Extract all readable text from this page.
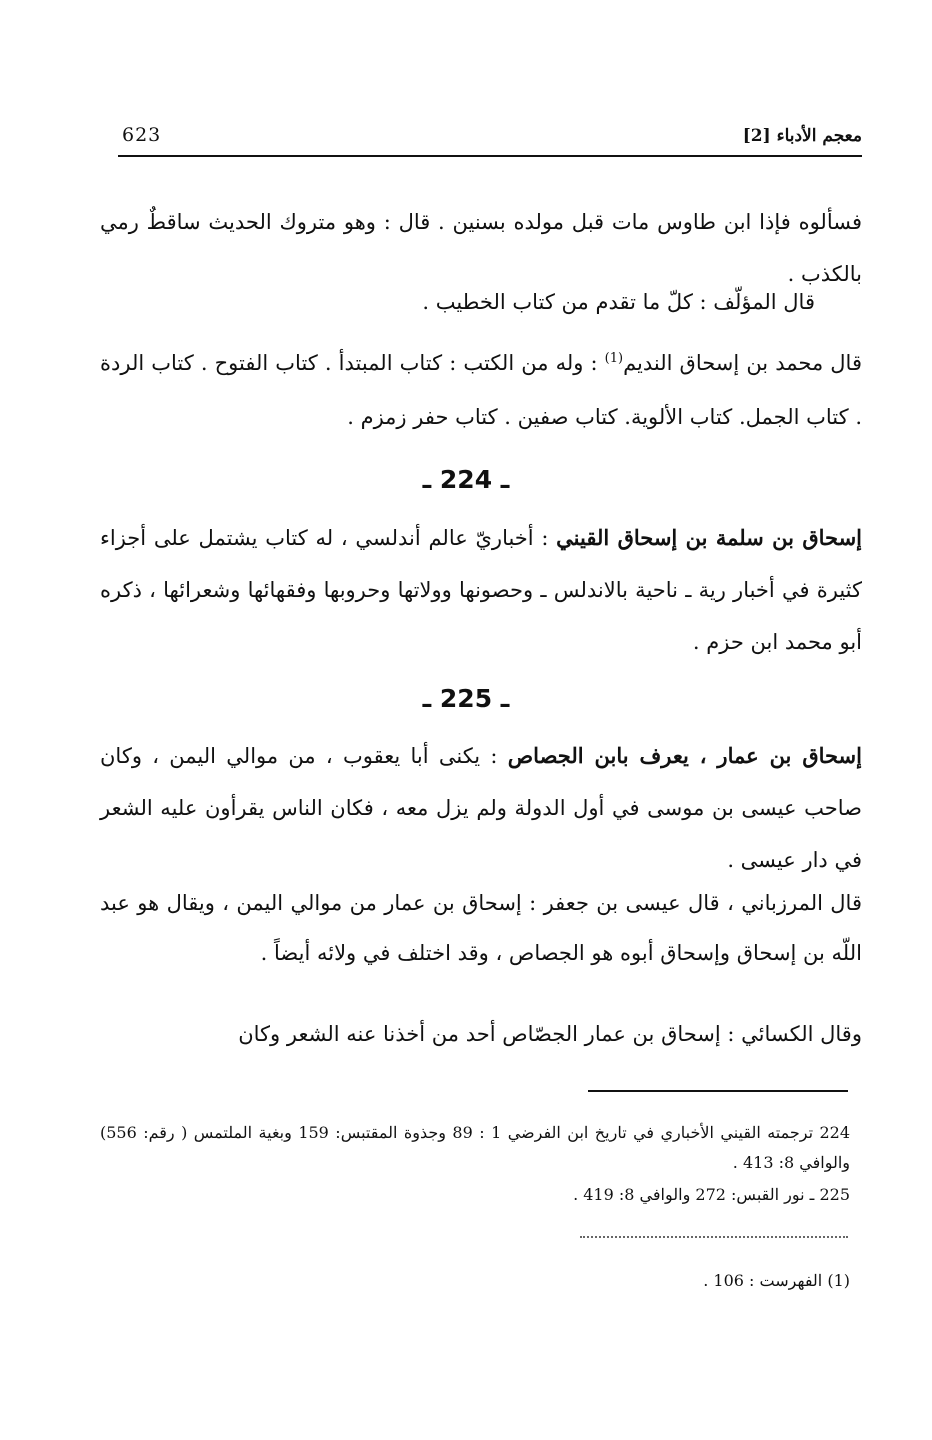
623	معجم الأدباء [2]
فسألوه فإذا ابن طاوس مات قبل مولده بسنين . قال : وهو متروك الحديث ساقطٌ رمي بالكذب .
قال المؤلّف : كلّ ما تقدم من كتاب الخطيب .
قال محمد بن إسحاق النديم$^{(1)}$ : وله من الكتب : كتاب المبتدأ . كتاب الفتوح . كتاب الردة . كتاب الجمل. كتاب الألوية. كتاب صفين . كتاب حفر زمزم .
ـ 224 ـ
إسحاق بن سلمة بن إسحاق القيني : أخباريّ عالم أندلسي ، له كتاب يشتمل على أجزاء كثيرة في أخبار رية ـ ناحية بالاندلس ـ وحصونها وولاتها وحروبها وفقهائها وشعرائها ، ذكره أبو محمد ابن حزم .
ـ 225 ـ
إسحاق بن عمار ، يعرف بابن الجصاص : يكنى أبا يعقوب ، من موالي اليمن ، وكان صاحب عيسى بن موسى في أول الدولة ولم يزل معه ، فكان الناس يقرأون عليه الشعر في دار عيسى .
قال المرزباني ، قال عيسى بن جعفر : إسحاق بن عمار من موالي اليمن ، ويقال هو عبد اللّه بن إسحاق وإسحاق أبوه هو الجصاص ، وقد اختلف في ولائه أيضاً .
وقال الكسائي : إسحاق بن عمار الجصّاص أحد من أخذنا عنه الشعر وكان
224 ترجمته القيني الأخباري في تاريخ ابن الفرضي 1 : 89 وجذوة المقتبس: 159 وبغية الملتمس ( رقم: 556) والوافي 8: 413 .
225 ـ نور القبس: 272 والوافي 8: 419 .
(1) الفهرست : 106 .
